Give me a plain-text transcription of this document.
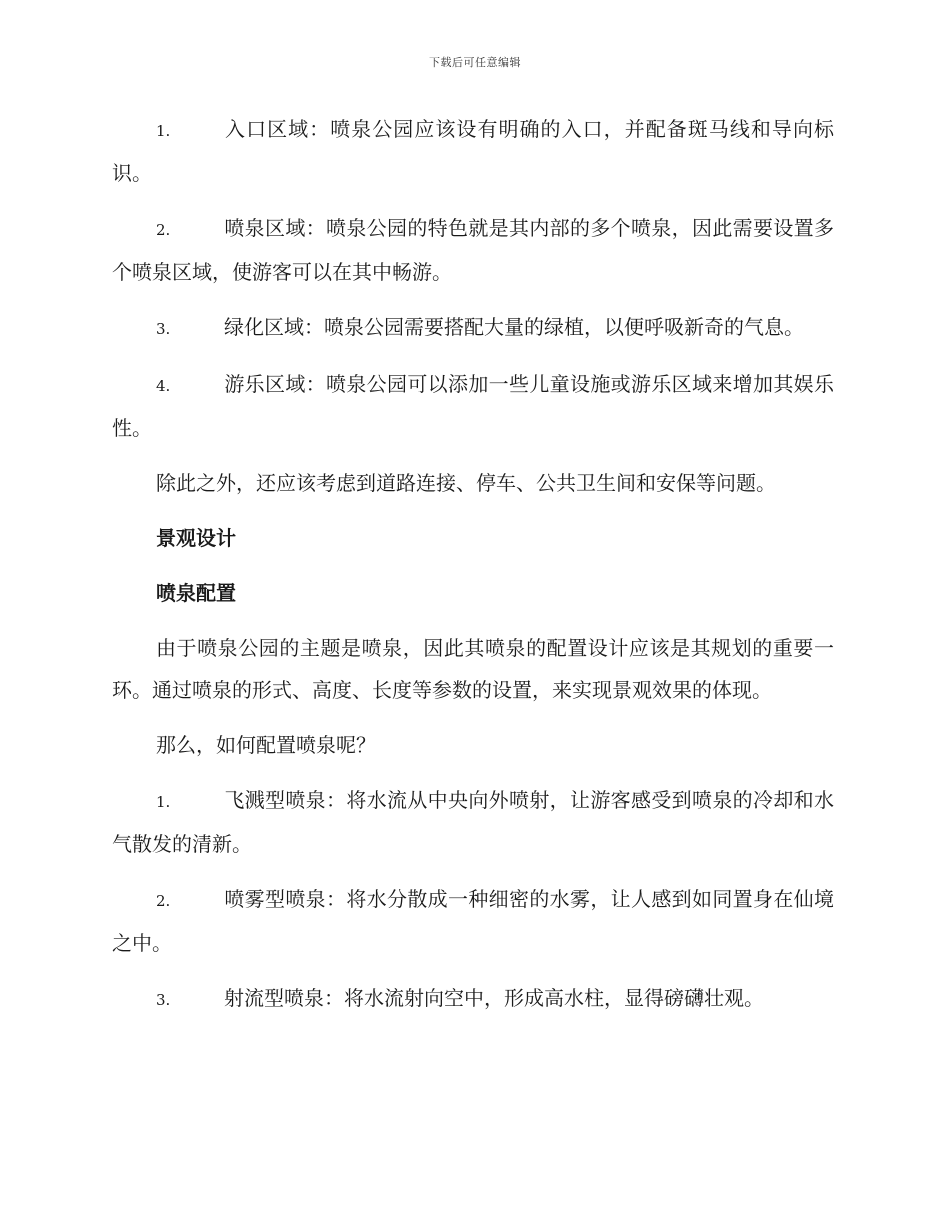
下载后可任意编辑

1.	入口区域：喷泉公园应该设有明确的入口，并配备斑马线和导向标识。

2.	喷泉区域：喷泉公园的特色就是其内部的多个喷泉，因此需要设置多个喷泉区域，使游客可以在其中畅游。

3.	绿化区域：喷泉公园需要搭配大量的绿植，以便呼吸新奇的气息。

4.	游乐区域：喷泉公园可以添加一些儿童设施或游乐区域来增加其娱乐性。

除此之外，还应该考虑到道路连接、停车、公共卫生间和安保等问题。

景观设计
喷泉配置

由于喷泉公园的主题是喷泉，因此其喷泉的配置设计应该是其规划的重要一环。通过喷泉的形式、高度、长度等参数的设置，来实现景观效果的体现。

那么，如何配置喷泉呢？

1.	飞溅型喷泉：将水流从中央向外喷射，让游客感受到喷泉的冷却和水气散发的清新。

2.	喷雾型喷泉：将水分散成一种细密的水雾，让人感到如同置身在仙境之中。

3.	射流型喷泉：将水流射向空中，形成高水柱，显得磅礴壮观。
